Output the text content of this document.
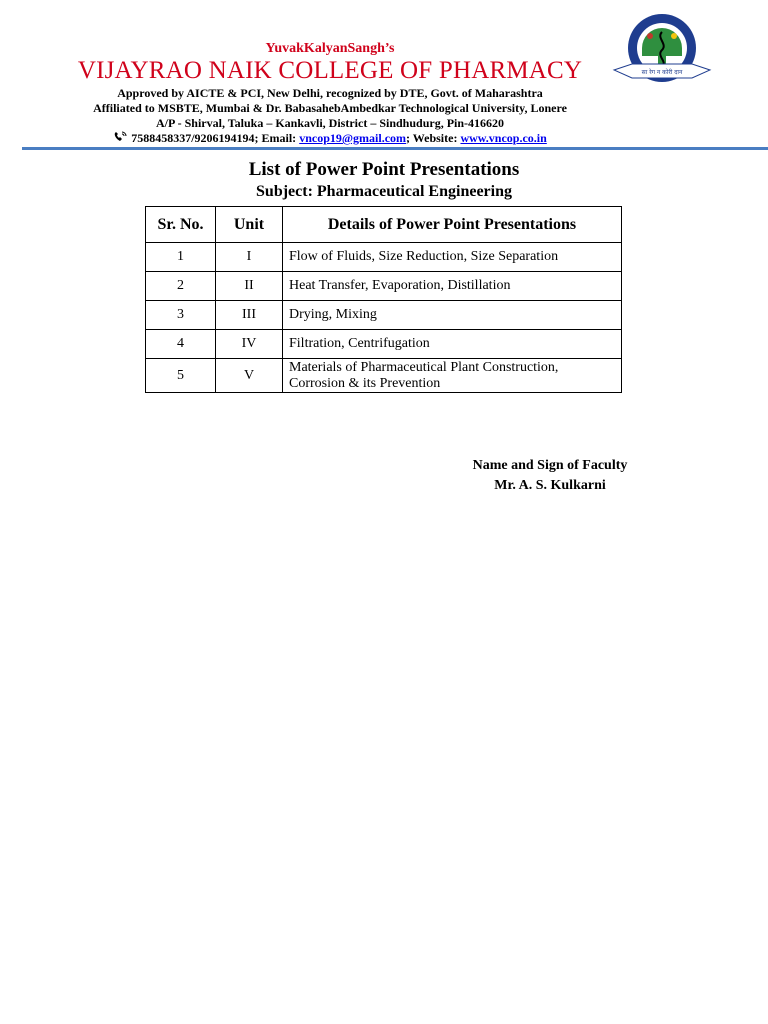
YuvakKalyanSangh’s
VIJAYRAO NAIK COLLEGE OF PHARMACY
Approved by AICTE & PCI, New Delhi, recognized by DTE, Govt. of Maharashtra
Affiliated to MSBTE, Mumbai & Dr. BabasahebAmbedkar Technological University, Lonere
A/P - Shirval, Taluka – Kankavli, District – Sindhudurg, Pin-416620
7588458337/9206194194; Email: vncop19@gmail.com; Website: www.vncop.co.in
सा रेग न कोरी दान
VNCOP
List of Power Point Presentations
Subject: Pharmaceutical Engineering
Sr. No.	Unit	Details of Power Point Presentations
1	I	Flow of Fluids, Size Reduction, Size Separation
2	II	Heat Transfer, Evaporation, Distillation
3	III	Drying, Mixing
4	IV	Filtration, Centrifugation
5	V	Materials of Pharmaceutical Plant Construction, Corrosion & its Prevention
Name and Sign of Faculty
Mr. A. S. Kulkarni
